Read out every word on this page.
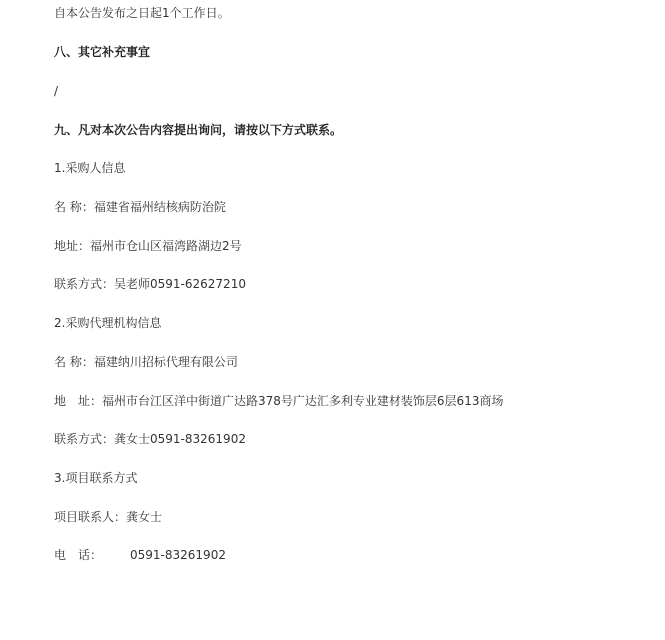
自本公告发布之日起1个工作日。
八、其它补充事宜
/
九、凡对本次公告内容提出询问，请按以下方式联系。
1.采购人信息
名 称：福建省福州结核病防治院
地址：福州市仓山区福湾路湖边2号
联系方式：吴老师0591-62627210
2.采购代理机构信息
名 称：福建纳川招标代理有限公司
地　址：福州市台江区洋中街道广达路378号广达汇多利专业建材装饰层6层613商场
联系方式：龚女士0591-83261902
3.项目联系方式
项目联系人：龚女士
电　话： 0591-83261902
